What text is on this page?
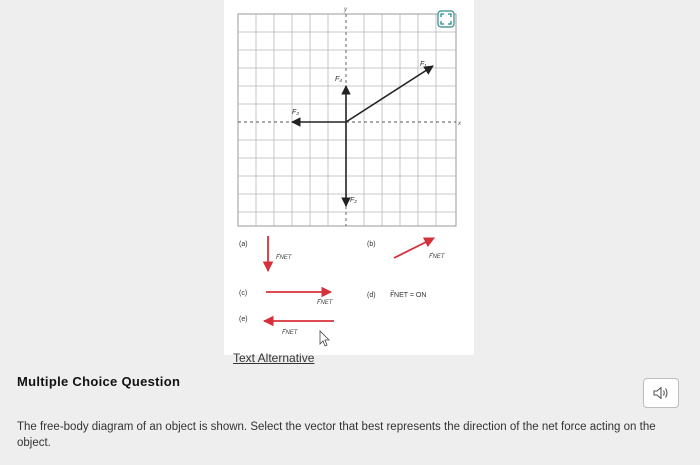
y
x
F₁
F₂
F₃
F₄
(a)
F⃗NET
(b)
F⃗NET
(c)
F⃗NET
(d) F⃗NET = ON
(e)
F⃗NET
Text Alternative
Multiple Choice Question
The free-body diagram of an object is shown. Select the vector that best represents the direction of the net force acting on the object.
